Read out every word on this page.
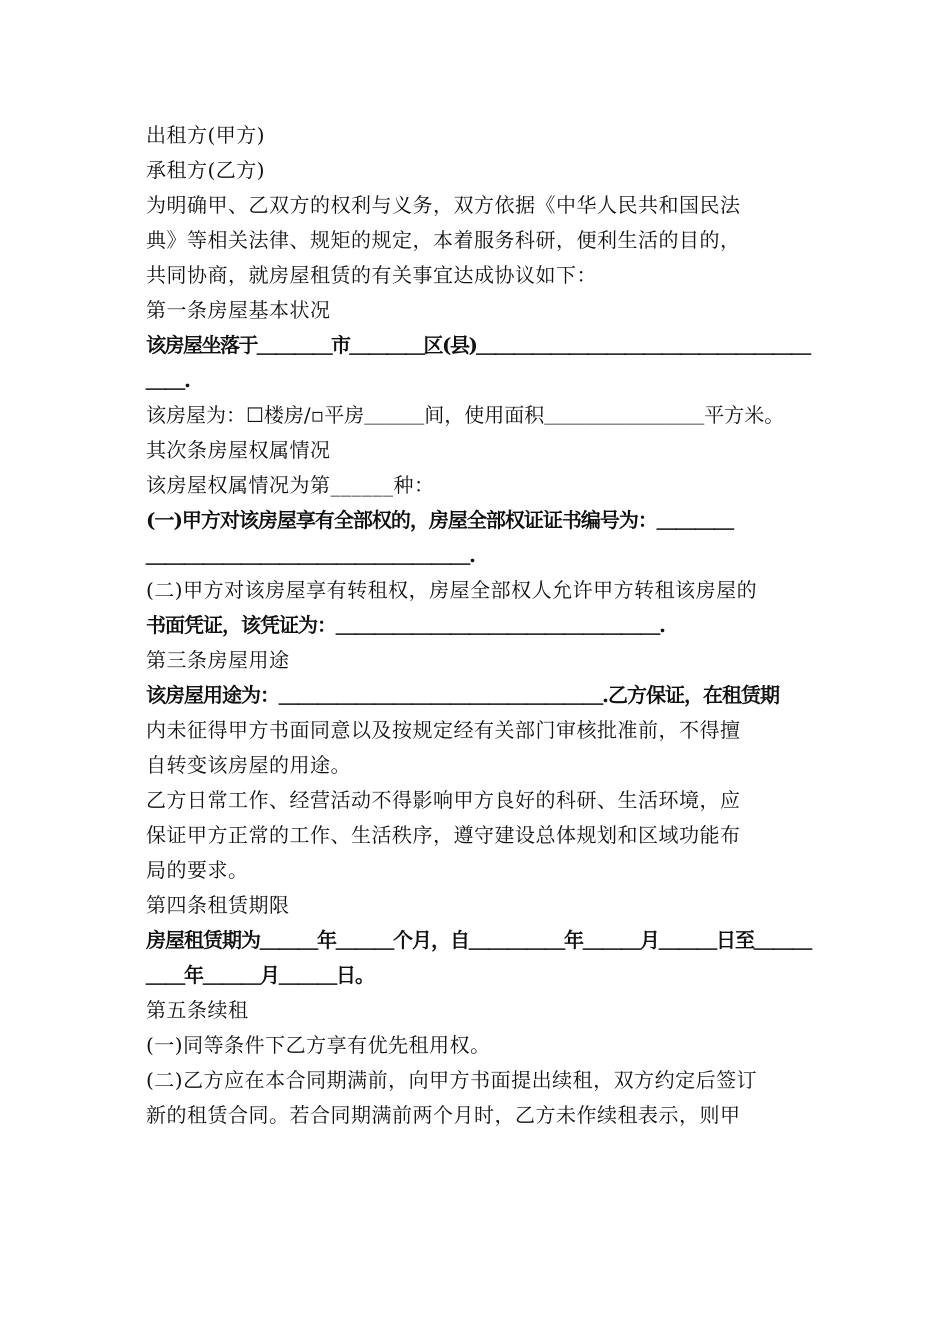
出租方(甲方)
承租方(乙方)
为明确甲、乙双方的权利与义务，双方依据《中华人民共和国民法
典》等相关法律、规矩的规定，本着服务科研，便利生活的目的，
共同协商，就房屋租赁的有关事宜达成协议如下：
第一条房屋基本状况
该房屋坐落于＿＿＿＿市＿＿＿＿区(县)＿＿＿＿＿＿＿＿＿＿＿＿＿＿＿＿＿＿
＿＿.
该房屋为：☐楼房/▫平房＿＿＿间，使用面积＿＿＿＿＿＿＿＿平方米。
其次条房屋权属情况
该房屋权属情况为第______种：
(一)甲方对该房屋享有全部权的，房屋全部权证证书编号为：＿＿＿＿
＿＿＿＿＿＿＿＿＿＿＿＿＿＿＿＿＿.
(二)甲方对该房屋享有转租权，房屋全部权人允许甲方转租该房屋的
书面凭证，该凭证为：＿＿＿＿＿＿＿＿＿＿＿＿＿＿＿＿＿.
第三条房屋用途
该房屋用途为：＿＿＿＿＿＿＿＿＿＿＿＿＿＿＿＿＿.乙方保证，在租赁期
内未征得甲方书面同意以及按规定经有关部门审核批准前，不得擅
自转变该房屋的用途。
乙方日常工作、经营活动不得影响甲方良好的科研、生活环境，应
保证甲方正常的工作、生活秩序，遵守建设总体规划和区域功能布
局的要求。
第四条租赁期限
房屋租赁期为＿＿＿年＿＿＿个月，自＿＿＿＿＿年＿＿＿月＿＿＿日至＿＿＿
＿＿年＿＿＿月＿＿＿日。
第五条续租
(一)同等条件下乙方享有优先租用权。
(二)乙方应在本合同期满前，向甲方书面提出续租，双方约定后签订
新的租赁合同。若合同期满前两个月时，乙方未作续租表示，则甲
